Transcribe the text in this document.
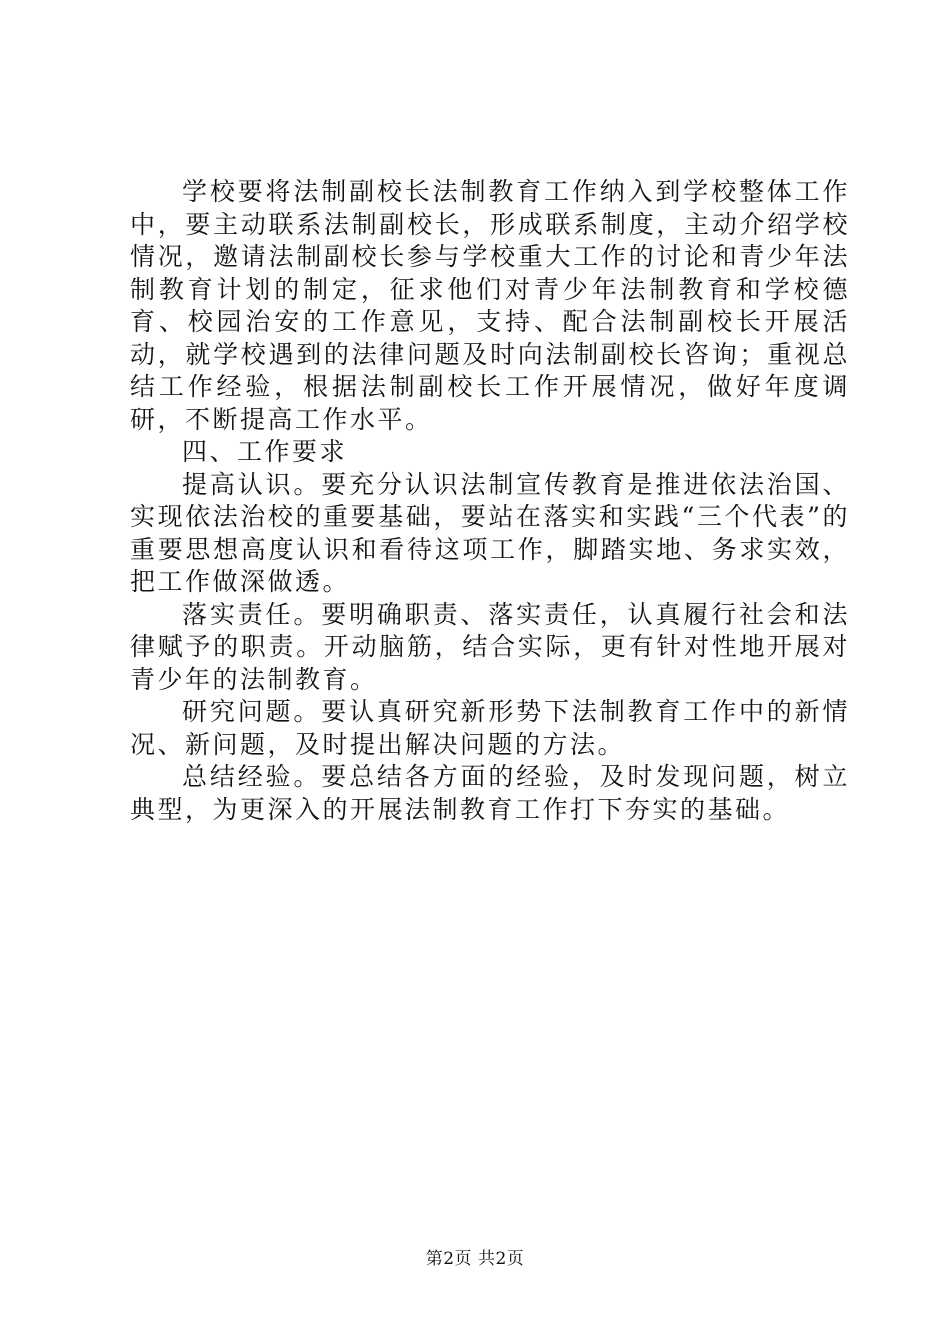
学校要将法制副校长法制教育工作纳入到学校整体工作中，要主动联系法制副校长，形成联系制度，主动介绍学校情况，邀请法制副校长参与学校重大工作的讨论和青少年法制教育计划的制定，征求他们对青少年法制教育和学校德育、校园治安的工作意见，支持、配合法制副校长开展活动，就学校遇到的法律问题及时向法制副校长咨询；重视总结工作经验，根据法制副校长工作开展情况，做好年度调研，不断提高工作水平。

四、工作要求

提高认识。要充分认识法制宣传教育是推进依法治国、实现依法治校的重要基础，要站在落实和实践“三个代表”的重要思想高度认识和看待这项工作，脚踏实地、务求实效，把工作做深做透。

落实责任。要明确职责、落实责任，认真履行社会和法律赋予的职责。开动脑筋，结合实际，更有针对性地开展对青少年的法制教育。

研究问题。要认真研究新形势下法制教育工作中的新情况、新问题，及时提出解决问题的方法。

总结经验。要总结各方面的经验，及时发现问题，树立典型，为更深入的开展法制教育工作打下夯实的基础。

第2页 共2页
